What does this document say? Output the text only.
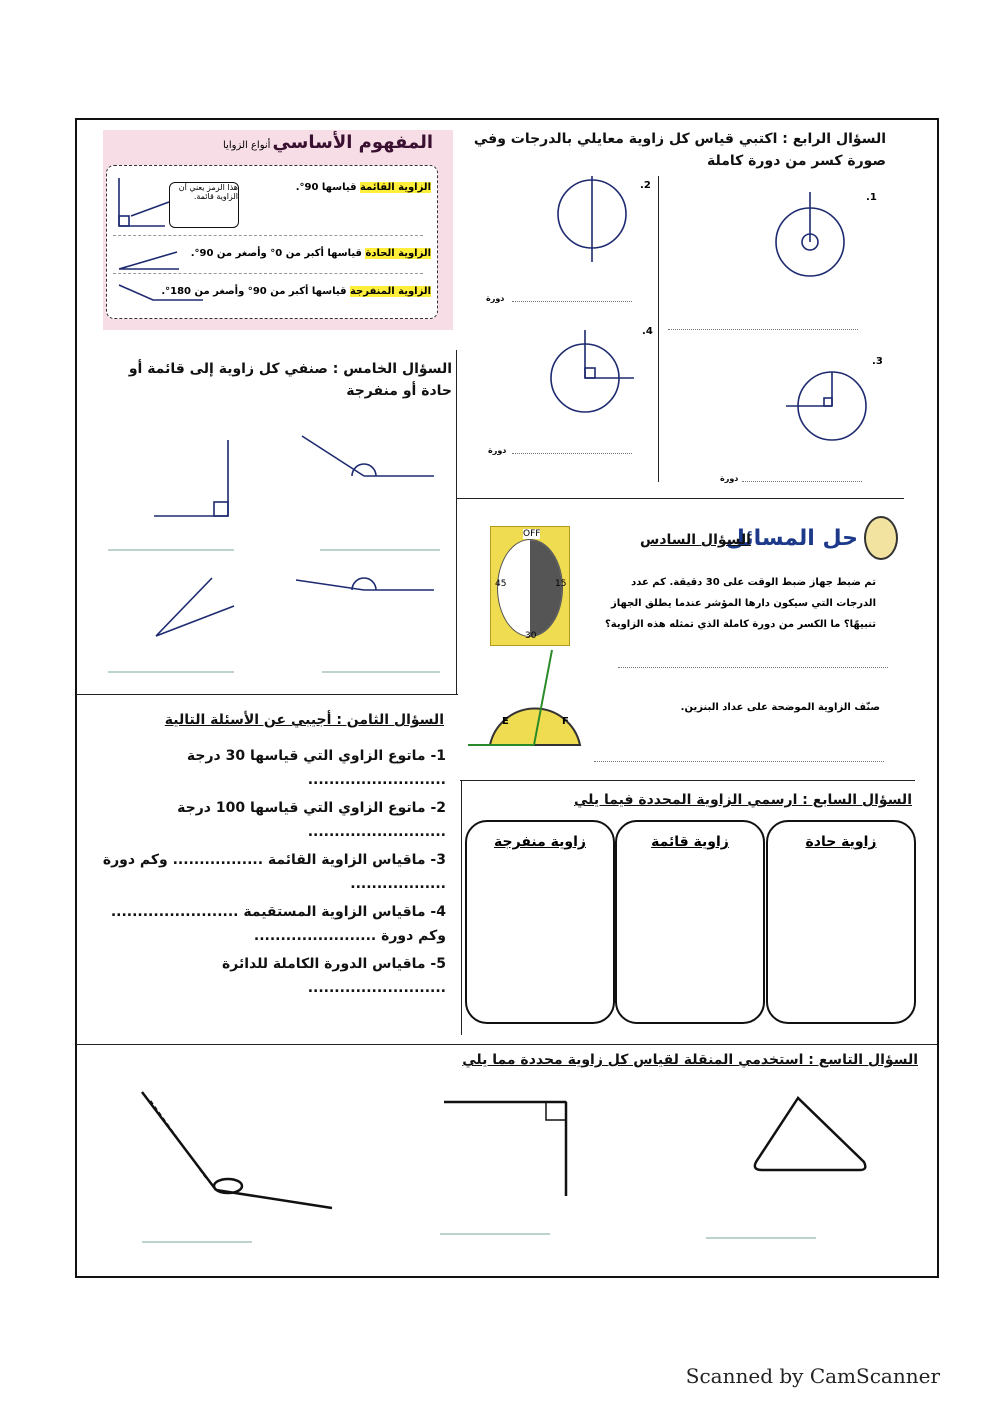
المفهوم الأساسي
أنواع الزوايا
الزاوية القائمة قياسها 90°.
الزاوية الحادة قياسها أكبر من 0° وأصغر من 90°.
الزاوية المنفرجة قياسها أكبر من 90° وأصغر من 180°.
هذا الرمز يعني أن الزاوية قائمة.
السؤال الرابع : اكتبي قياس كل زاوية معايلي بالدرجات وفي صورة كسر من دورة كاملة
1.
2.
3.
4.
دورة
دورة
دورة
السؤال الخامس : صنفي كل زاوية إلى قائمة أو حادة أو منفرجة
حل المسائل
السؤال السادس
تم ضبط جهاز ضبط الوقت على 30 دقيقة. كم عدد الدرجات التي سيكون دارها المؤشر عندما يطلق الجهاز تنبيهًا؟ ما الكسر من دورة كاملة الذي تمثله هذه الزاوية؟
صنّف الزاوية الموضحة على عداد البنزين.
OFF
15
30
45
E	F
السؤال السابع : ارسمي الزاوية المحددة فيما يلي
زاوية حادة
زاوية قائمة
زاوية منفرجة
السؤال الثامن : أجيبي عن الأسئلة التالية
1- ماتوع الزاوي التي قياسها 30 درجة ..........................
2- ماتوع الزاوي التي قياسها 100 درجة ..........................
3- ماقياس الزاوية القائمة ................. وكم دورة ..................
4- ماقياس الزاوية المستقيمة ........................ وكم دورة .......................
5- ماقياس الدورة الكاملة للدائرة ..........................
السؤال التاسع : استخدمي المنقلة لقياس كل زاوية محددة مما يلي
Scanned by CamScanner
